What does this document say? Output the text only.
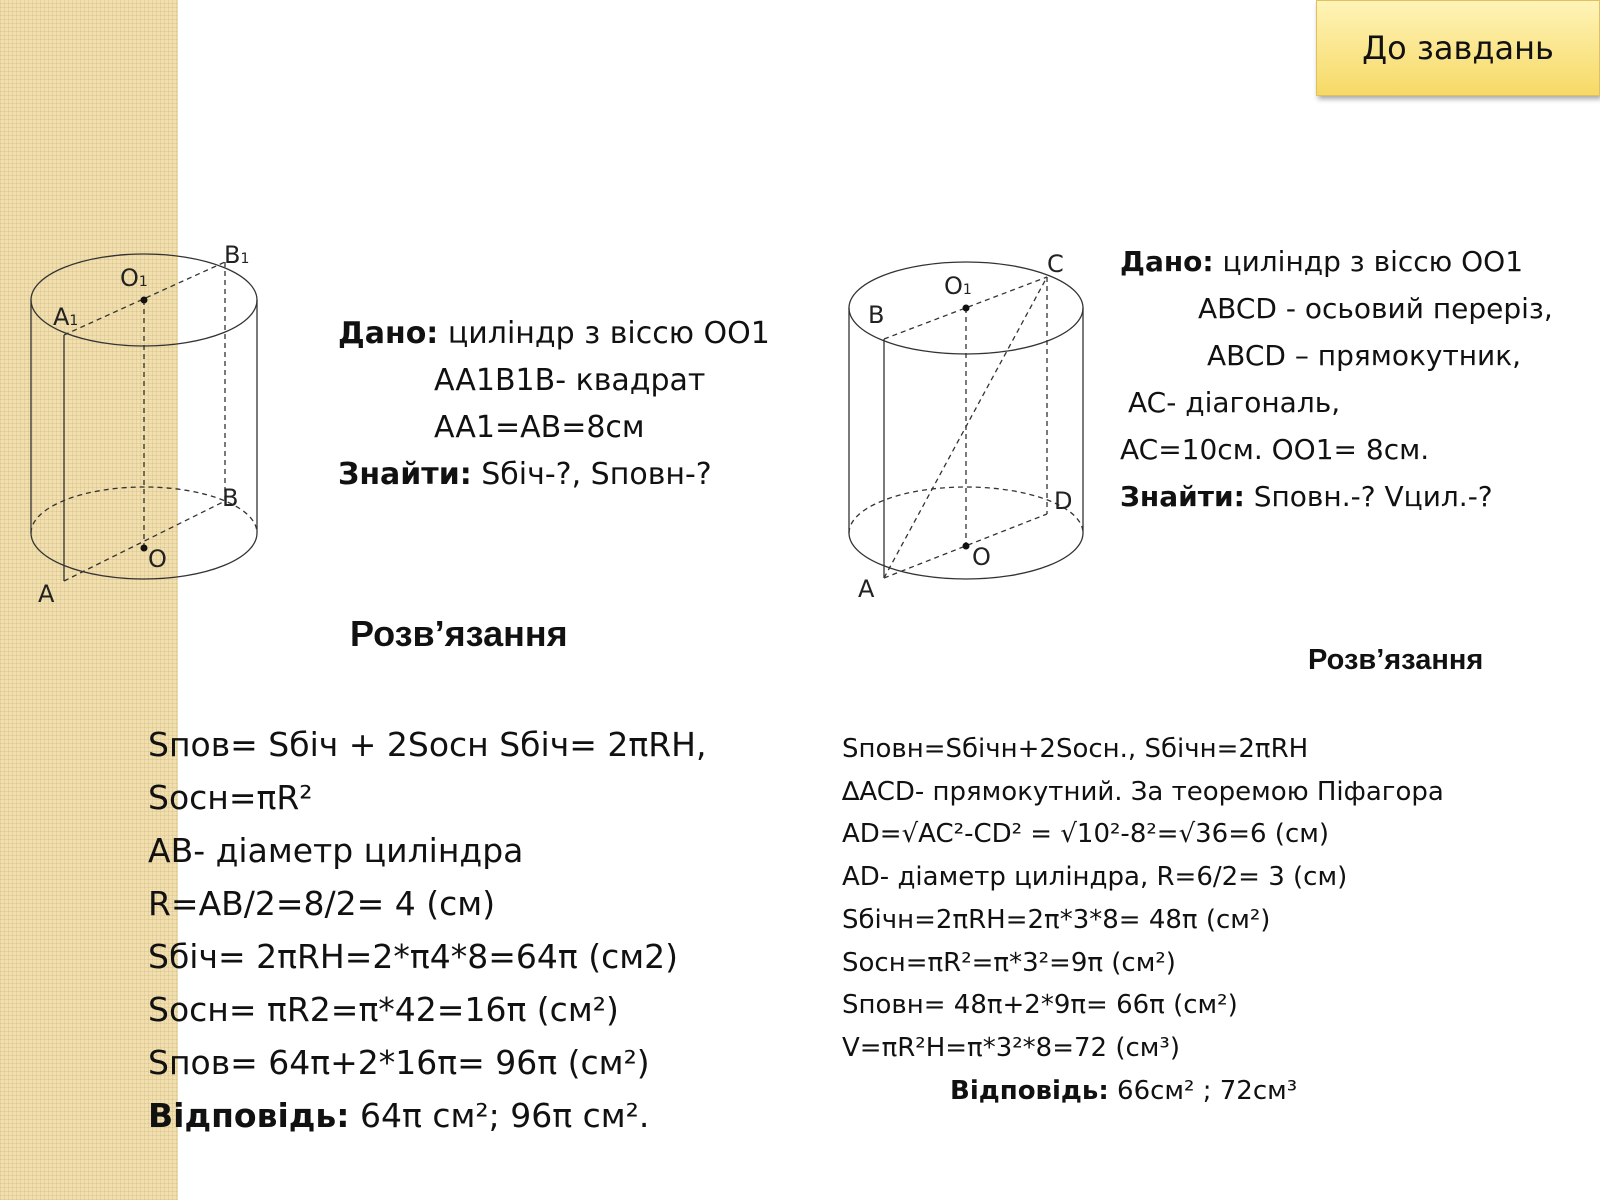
До завдань
O1
B1
A1
B
O
A
O1
C
B
D
O
A
Дано: циліндр з віссю OO1
AA1B1B- квадрат
AA1=AB=8см
Знайти: Sбіч-?, Sповн-?
Дано: циліндр з віссю OO1
ABCD - осьовий переріз,
ABCD – прямокутник,
AC- діагональ,
AC=10см. OO1= 8см.
Знайти: Sповн.-? Vцил.-?
Розв’язання
Розв’язання
Sпов= Sбіч + 2Sосн Sбіч= 2πRH,
Sосн=πR²
AB- діаметр циліндра
R=AB/2=8/2= 4 (см)
Sбіч= 2πRH=2*π4*8=64π (см2)
Sосн= πR2=π*42=16π (см²)
Sпов= 64π+2*16π= 96π (см²)
Відповідь: 64π см²; 96π см².
Sповн=Sбічн+2Sосн., Sбічн=2πRH
∆ACD- прямокутний. За теоремою Піфагора
AD=√AC²-CD² = √10²-8²=√36=6 (см)
AD- діаметр циліндра, R=6/2= 3 (см)
Sбічн=2πRH=2π*3*8= 48π (см²)
Sосн=πR²=π*3²=9π (см²)
Sповн= 48π+2*9π= 66π (см²)
V=πR²H=π*3²*8=72 (см³)
Відповідь: 66см² ; 72см³
